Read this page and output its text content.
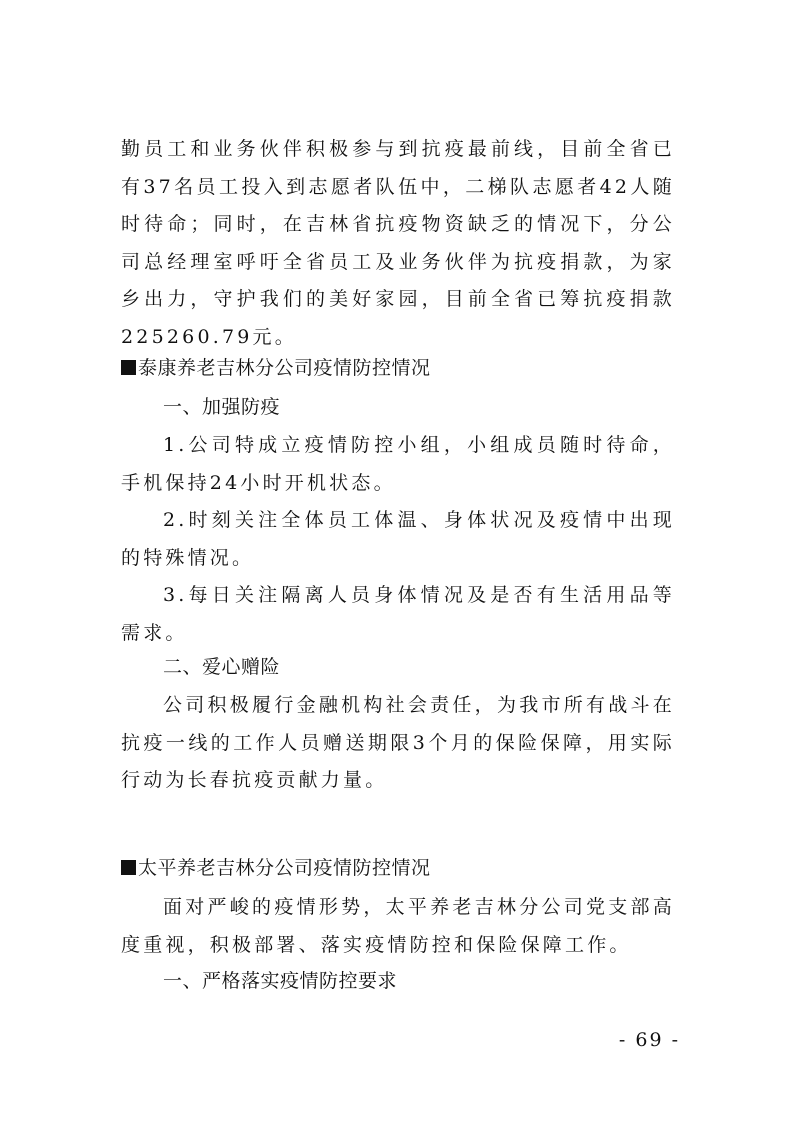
勤员工和业务伙伴积极参与到抗疫最前线，目前全省已有37名员工投入到志愿者队伍中，二梯队志愿者42人随时待命；同时，在吉林省抗疫物资缺乏的情况下，分公司总经理室呼吁全省员工及业务伙伴为抗疫捐款，为家乡出力，守护我们的美好家园，目前全省已筹抗疫捐款225260.79元。

泰康养老吉林分公司疫情防控情况

一、加强防疫

1.公司特成立疫情防控小组，小组成员随时待命，手机保持24小时开机状态。

2.时刻关注全体员工体温、身体状况及疫情中出现的特殊情况。

3.每日关注隔离人员身体情况及是否有生活用品等需求。

二、爱心赠险

公司积极履行金融机构社会责任，为我市所有战斗在抗疫一线的工作人员赠送期限3个月的保险保障，用实际行动为长春抗疫贡献力量。

太平养老吉林分公司疫情防控情况

面对严峻的疫情形势，太平养老吉林分公司党支部高度重视，积极部署、落实疫情防控和保险保障工作。

一、严格落实疫情防控要求

- 69 -
